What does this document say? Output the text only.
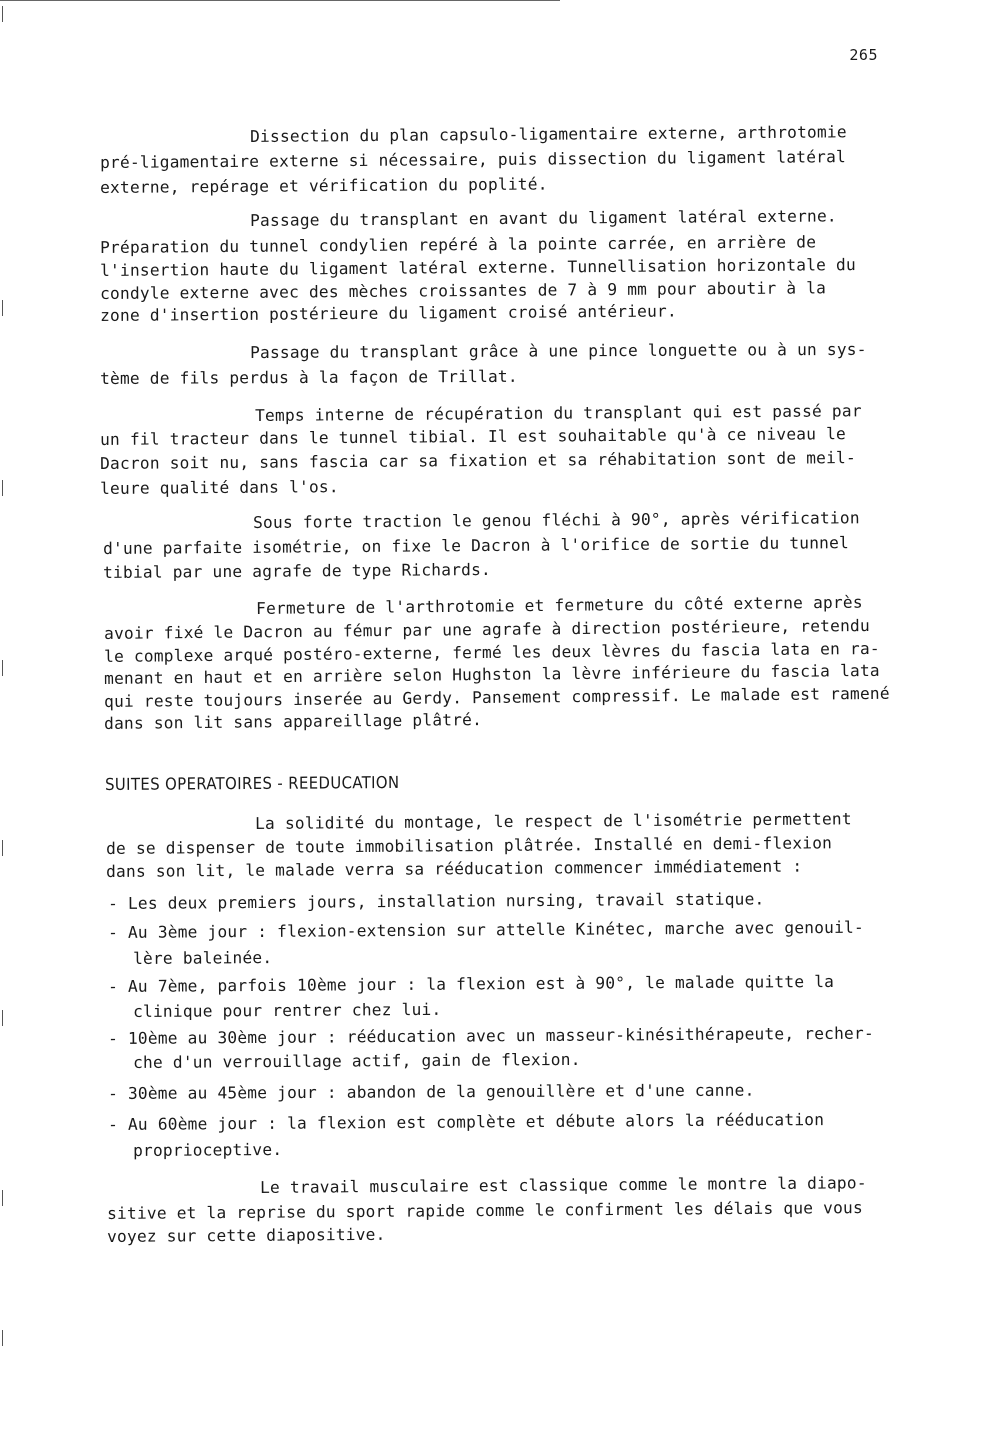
265
Dissection du plan capsulo-ligamentaire externe, arthrotomie
pré-ligamentaire externe si nécessaire, puis dissection du ligament latéral
externe, repérage et vérification du poplité.
Passage du transplant en avant du ligament latéral externe.
Préparation du tunnel condylien repéré à la pointe carrée, en arrière de
l'insertion haute du ligament latéral externe. Tunnellisation horizontale du
condyle externe avec des mèches croissantes de 7 à 9 mm pour aboutir à la
zone d'insertion postérieure du ligament croisé antérieur.
Passage du transplant grâce à une pince longuette ou à un sys-
tème de fils perdus à la façon de Trillat.
Temps interne de récupération du transplant qui est passé par
un fil tracteur dans le tunnel tibial. Il est souhaitable qu'à ce niveau le
Dacron soit nu, sans fascia car sa fixation et sa réhabitation sont de meil-
leure qualité dans l'os.
Sous forte traction le genou fléchi à 90°, après vérification
d'une parfaite isométrie, on fixe le Dacron à l'orifice de sortie du tunnel
tibial par une agrafe de type Richards.
Fermeture de l'arthrotomie et fermeture du côté externe après
avoir fixé le Dacron au fémur par une agrafe à direction postérieure, retendu
le complexe arqué postéro-externe, fermé les deux lèvres du fascia lata en ra-
menant en haut et en arrière selon Hughston la lèvre inférieure du fascia lata
qui reste toujours inserée au Gerdy. Pansement compressif. Le malade est ramené
dans son lit sans appareillage plâtré.
SUITES OPERATOIRES - REEDUCATION
La solidité du montage, le respect de l'isométrie permettent
de se dispenser de toute immobilisation plâtrée. Installé en demi-flexion
dans son lit, le malade verra sa rééducation commencer immédiatement :
- Les deux premiers jours, installation nursing, travail statique.
- Au 3ème jour : flexion-extension sur attelle Kinétec, marche avec genouil-
lère baleinée.
- Au 7ème, parfois 10ème jour : la flexion est à 90°, le malade quitte la
clinique pour rentrer chez lui.
- 10ème au 30ème jour : rééducation avec un masseur-kinésithérapeute, recher-
che d'un verrouillage actif, gain de flexion.
- 30ème au 45ème jour : abandon de la genouillère et d'une canne.
- Au 60ème jour : la flexion est complète et débute alors la rééducation
proprioceptive.
Le travail musculaire est classique comme le montre la diapo-
sitive et la reprise du sport rapide comme le confirment les délais que vous
voyez sur cette diapositive.
